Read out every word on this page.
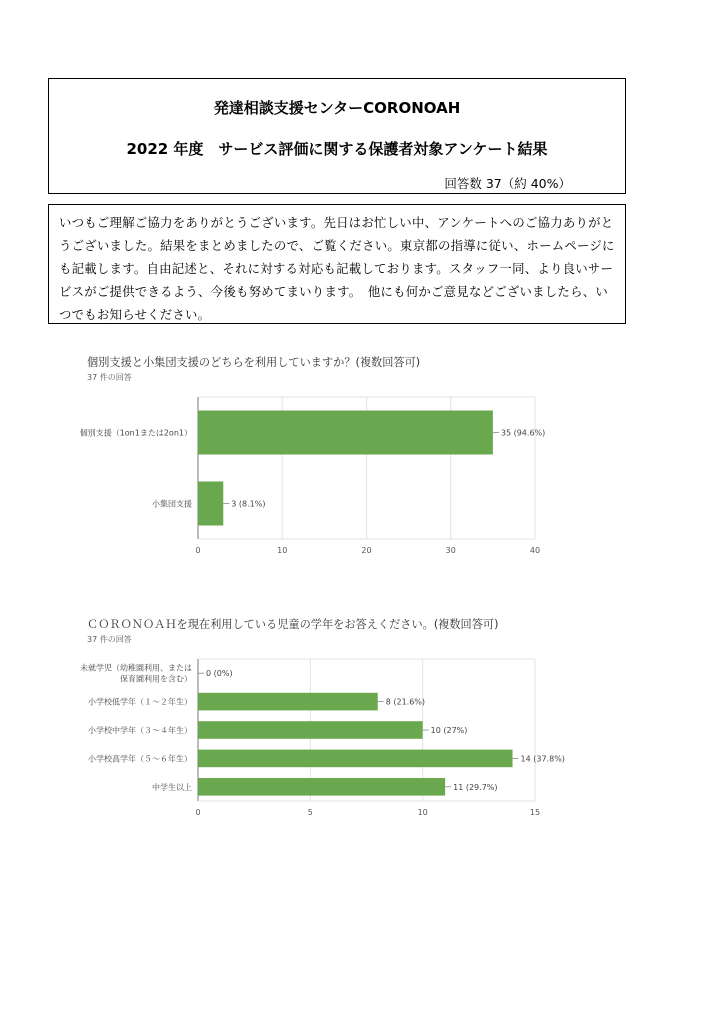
発達相談支援センターCORONOAH
2022 年度　サービス評価に関する保護者対象アンケート結果
回答数 37（約 40%）
いつもご理解ご協力をありがとうございます。先日はお忙しい中、アンケートへのご協力ありがとうございました。結果をまとめましたので、ご覧ください。東京都の指導に従い、ホームページにも記載します。自由記述と、それに対する対応も記載しております。スタッフ一同、より良いサービスがご提供できるよう、今後も努めてまいります。　他にも何かご意見などございましたら、いつでもお知らせください。
個別支援と小集団支援のどちらを利用していますか？(複数回答可)
37 件の回答
0	10	20	30	40
35 (94.6%)
個別支援（1on1または2on1）
3 (8.1%)
小集団支援
ＣＯＲＯＮＯＡＨを現在利用している児童の学年をお答えください。(複数回答可)
37 件の回答
0	5	10	15
0 (0%)
未就学児（幼稚園利用、または
保育園利用を含む）
8 (21.6%)
小学校低学年（１～２年生）
10 (27%)
小学校中学年（３～４年生）
14 (37.8%)
小学校高学年（５～６年生）
11 (29.7%)
中学生以上
